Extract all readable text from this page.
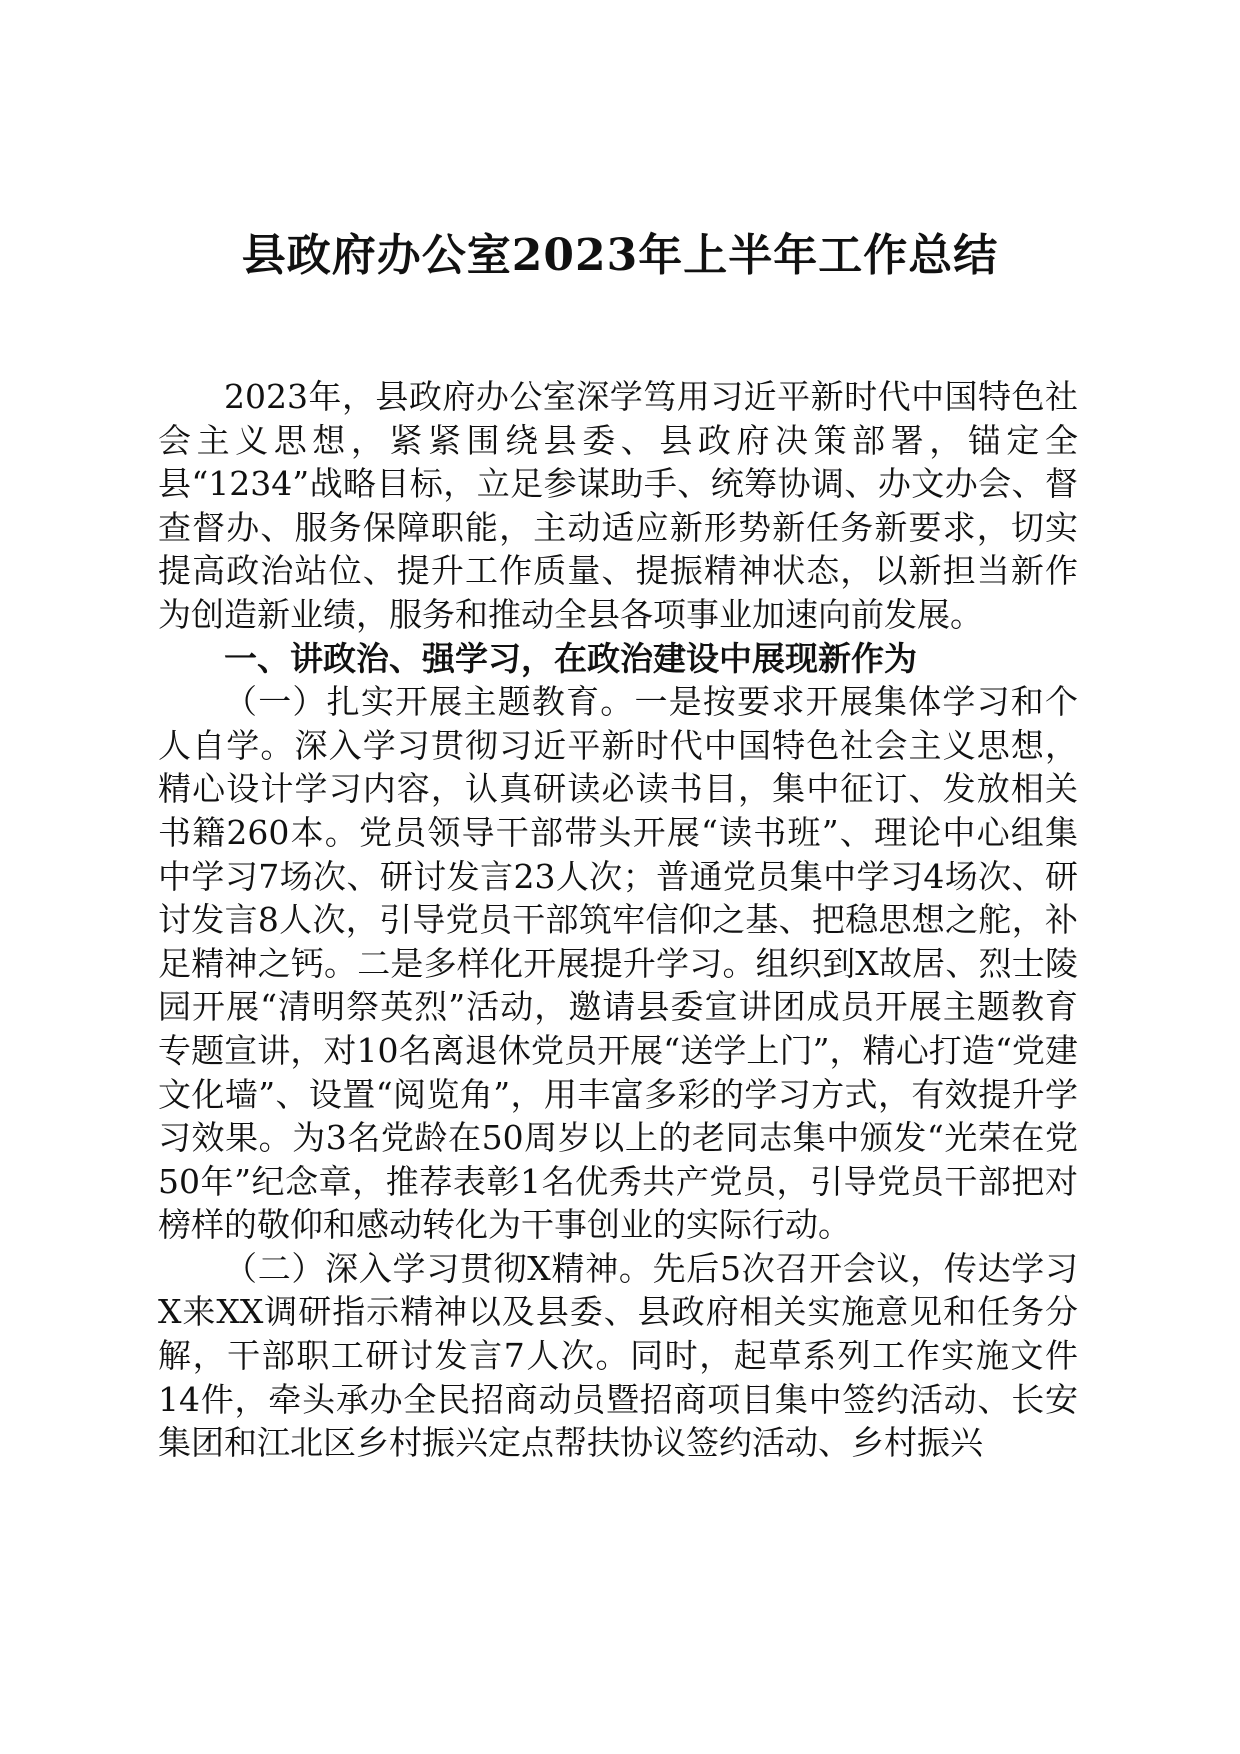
县政府办公室2023年上半年工作总结

2023年，县政府办公室深学笃用习近平新时代中国特色社会主义思想，紧紧围绕县委、县政府决策部署，锚定全县“1234”战略目标，立足参谋助手、统筹协调、办文办会、督查督办、服务保障职能，主动适应新形势新任务新要求，切实提高政治站位、提升工作质量、提振精神状态，以新担当新作为创造新业绩，服务和推动全县各项事业加速向前发展。

一、讲政治、强学习，在政治建设中展现新作为

（一）扎实开展主题教育。一是按要求开展集体学习和个人自学。深入学习贯彻习近平新时代中国特色社会主义思想，精心设计学习内容，认真研读必读书目，集中征订、发放相关书籍260本。党员领导干部带头开展“读书班”、理论中心组集中学习7场次、研讨发言23人次；普通党员集中学习4场次、研讨发言8人次，引导党员干部筑牢信仰之基、把稳思想之舵，补足精神之钙。二是多样化开展提升学习。组织到X故居、烈士陵园开展“清明祭英烈”活动，邀请县委宣讲团成员开展主题教育专题宣讲，对10名离退休党员开展“送学上门”，精心打造“党建文化墙”、设置“阅览角”，用丰富多彩的学习方式，有效提升学习效果。为3名党龄在50周岁以上的老同志集中颁发“光荣在党50年”纪念章，推荐表彰1名优秀共产党员，引导党员干部把对榜样的敬仰和感动转化为干事创业的实际行动。

（二）深入学习贯彻X精神。先后5次召开会议，传达学习X来XX调研指示精神以及县委、县政府相关实施意见和任务分解，干部职工研讨发言7人次。同时，起草系列工作实施文件14件，牵头承办全民招商动员暨招商项目集中签约活动、长安集团和江北区乡村振兴定点帮扶协议签约活动、乡村振兴
